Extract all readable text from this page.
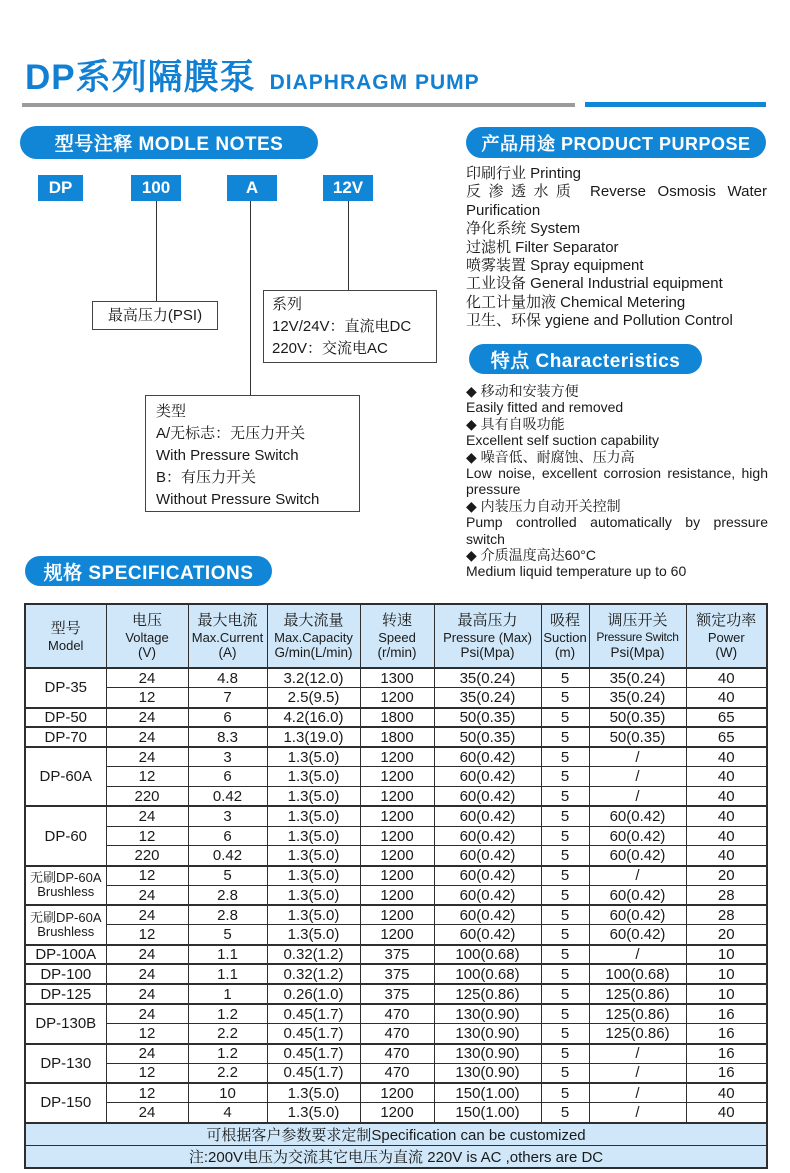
DP系列隔膜泵 DIAPHRAGM PUMP
型号注释 MODLE NOTES	产品用途 PRODUCT PURPOSE
DP	100	A	12V
最高压力(PSI)
系列
12V/24V：直流电DC
220V：交流电AC
类型
A/无标志：无压力开关
With Pressure Switch
B：有压力开关
Without Pressure Switch
印刷行业 Printing
反渗透水质 Reverse Osmosis Water Purification
净化系统 System
过滤机 Filter Separator
喷雾装置 Spray equipment
工业设备 General Industrial equipment
化工计量加液 Chemical Metering
卫生、环保 ygiene and Pollution Control
特点 Characteristics
◆ 移动和安装方便
Easily fitted and removed
◆ 具有自吸功能
Excellent self suction capability
◆ 噪音低、耐腐蚀、压力高
Low noise, excellent corrosion resistance, high pressure
◆ 内装压力自动开关控制
Pump controlled automatically by pressure switch
◆ 介质温度高达60°C
Medium liquid temperature up to 60
规格 SPECIFICATIONS
型号
Model

电压
Voltage
(V)

最大电流
Max.Current
(A)

最大流量
Max.Capacity
G/min(L/min)

转速
Speed
(r/min)

最高压力
Pressure (Max)
Psi(Mpa)

吸程
Suction
(m)

调压开关
Pressure Switch
Psi(Mpa)

额定功率
Power
(W)

DP-35	24	4.8	3.2(12.0)	1300	35(0.24)	5	35(0.24)	40
	12	7	2.5(9.5)	1200	35(0.24)	5	35(0.24)	40
DP-50	24	6	4.2(16.0)	1800	50(0.35)	5	50(0.35)	65
DP-70	24	8.3	1.3(19.0)	1800	50(0.35)	5	50(0.35)	65
DP-60A	24	3	1.3(5.0)	1200	60(0.42)	5	/	40
	12	6	1.3(5.0)	1200	60(0.42)	5	/	40
	220	0.42	1.3(5.0)	1200	60(0.42)	5	/	40
DP-60	24	3	1.3(5.0)	1200	60(0.42)	5	60(0.42)	40
	12	6	1.3(5.0)	1200	60(0.42)	5	60(0.42)	40
	220	0.42	1.3(5.0)	1200	60(0.42)	5	60(0.42)	40

无刷DP-60A
Brushless	12	5	1.3(5.0)	1200	60(0.42)	5	/	20
	24	2.8	1.3(5.0)	1200	60(0.42)	5	60(0.42)	28

无刷DP-60A
Brushless	24	2.8	1.3(5.0)	1200	60(0.42)	5	60(0.42)	28
	12	5	1.3(5.0)	1200	60(0.42)	5	60(0.42)	20
DP-100A	24	1.1	0.32(1.2)	375	100(0.68)	5	/	10
DP-100	24	1.1	0.32(1.2)	375	100(0.68)	5	100(0.68)	10
DP-125	24	1	0.26(1.0)	375	125(0.86)	5	125(0.86)	10
DP-130B	24	1.2	0.45(1.7)	470	130(0.90)	5	125(0.86)	16
	12	2.2	0.45(1.7)	470	130(0.90)	5	125(0.86)	16
DP-130	24	1.2	0.45(1.7)	470	130(0.90)	5	/	16
	12	2.2	0.45(1.7)	470	130(0.90)	5	/	16
DP-150	12	10	1.3(5.0)	1200	150(1.00)	5	/	40
	24	4	1.3(5.0)	1200	150(1.00)	5	/	40
可根据客户参数要求定制Specification can be customized								
注:200V电压为交流其它电压为直流 220V is AC ,others are DC								
